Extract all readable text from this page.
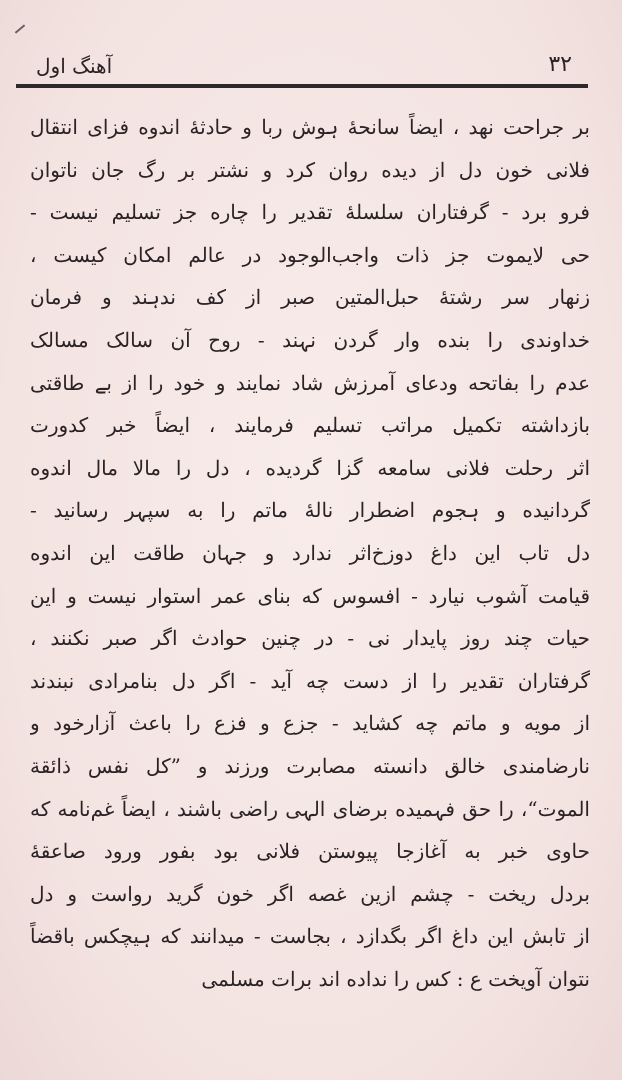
آهنگ اول	۳۲
بر جراحت نهد ، ایضاً سانحهٔ ہوش ربا و حادثهٔ اندوه فزای انتقال
فلانی خون دل از دیده روان کرد و نشتر بر رگ جان ناتوان
فرو برد - گرفتاران سلسلهٔ تقدیر را چاره جز تسلیم نیست -
حی لایموت جز ذات واجب‌الوجود در عالم امکان کیست ،
زنهار سر رشتهٔ حبل‌المتین صبر از کف ندہند و فرمان
خداوندی را بنده وار گردن نہند - روح آن سالک مسالک
عدم را بفاتحه ودعای آمرزش شاد نمایند و خود را از بے طاقتی
بازداشته تکمیل مراتب تسلیم فرمایند ، ایضاً خبر کدورت
اثر رحلت فلانی سامعه گزا گردیده ، دل را مالا مال اندوه
گردانیده و ہجوم اضطرار نالهٔ ماتم را به سپہر رسانید -
دل تاب این داغ دوزخ‌اثر ندارد و جہان طاقت این اندوه
قیامت آشوب نیارد - افسوس که بنای عمر استوار نیست و این
حیات چند روز پایدار نی - در چنین حوادث اگر صبر نکنند ،
گرفتاران تقدیر را از دست چه آید - اگر دل بنامرادی نبندند
از مویه و ماتم چه کشاید - جزع و فزع را باعث آزارخود و
نارضامندی خالق دانسته مصابرت ورزند و ”کل نفس ذائقة
الموت“، را حق فہمیده برضای الہی راضی باشند ، ایضاً غم‌نامه که
حاوی خبر به آغازجا پیوستن فلانی بود بفور ورود صاعقهٔ
بردل ریخت - چشم ازین غصه اگر خون گرید رواست و دل
از تابش این داغ اگر بگدازد ، بجاست - میدانند که ہیچکس باقضاً
نتوان آویخت ع : کس را نداده اند برات مسلمی
